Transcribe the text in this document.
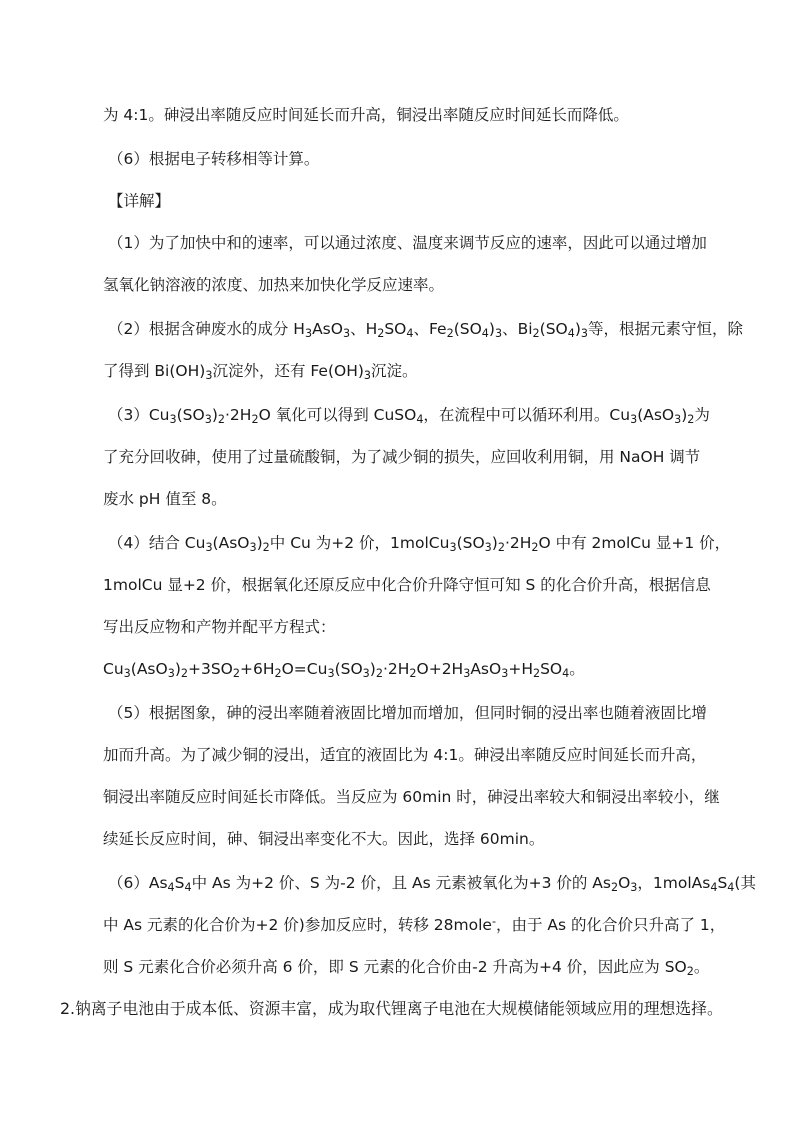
为 4:1。砷浸出率随反应时间延长而升高，铜浸出率随反应时间延长而降低。
（6）根据电子转移相等计算。
【详解】
（1）为了加快中和的速率，可以通过浓度、温度来调节反应的速率，因此可以通过增加
氢氧化钠溶液的浓度、加热来加快化学反应速率。
（2）根据含砷废水的成分 $H_3AsO_3$、$H_2SO_4$、$Fe_2(SO_4)_3$、$Bi_2(SO_4)_3$等，根据元素守恒，除
了得到 $Bi(OH)_3$沉淀外，还有 $Fe(OH)_3$沉淀。
$(3)Cu_3(SO_3)_2\cdot 2H_2O$ 氧化可以得到 CuSO$_4$，在流程中可以循环利用。$Cu_3(AsO_3)_2$为
了充分回收砷，使用了过量硫酸铜，为了减少铜的损失，应回收利用铜，用 NaOH 调节
废水 pH 值至 8。
（4）结合 $Cu_3(AsO_3)_2$中 Cu 为+2 价，$1molCu_3(SO_3)_2\cdot 2H_2O$ 中有 2molCu 显+1 价，
1molCu 显+2 价，根据氧化还原反应中化合价升降守恒可知 S 的化合价升高，根据信息
写出反应物和产物并配平方程式：
$Cu_3(AsO_3)_2+3SO_2+6H_2O=Cu_3(SO_3)_2\cdot 2H_2O+2H_3AsO_3+H_2SO_4$。
（5）根据图象，砷的浸出率随着液固比增加而增加，但同时铜的浸出率也随着液固比增
加而升高。为了减少铜的浸出，适宜的液固比为 4:1。砷浸出率随反应时间延长而升高，
铜浸出率随反应时间延长市降低。当反应为 60min 时，砷浸出率较大和铜浸出率较小，继
续延长反应时间，砷、铜浸出率变化不大。因此，选择 60min。
$(6)As_4S_4$中 As 为+2 价、S 为-2 价，且 As 元素被氧化为+3 价的 $As_2O_3$，$1molAs_4S_4$(其
中 As 元素的化合价为+2 价)参加反应时，转移 28mole-，由于 As 的化合价只升高了 1，
则 S 元素化合价必须升高 6 价，即 S 元素的化合价由-2 升高为+4 价，因此应为 $SO_2$。
2.钠离子电池由于成本低、资源丰富，成为取代锂离子电池在大规模储能领域应用的理想选择。
